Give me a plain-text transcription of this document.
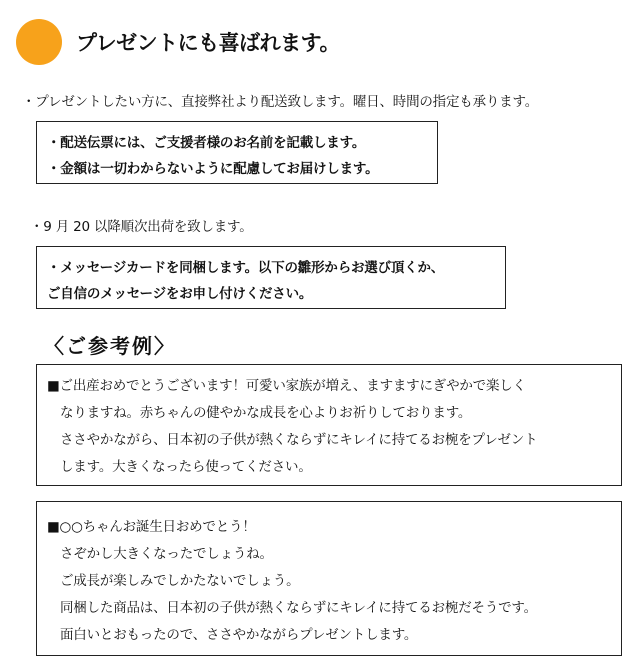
プレゼントにも喜ばれます。
・プレゼントしたい方に、直接弊社より配送致します。曜日、時間の指定も承ります。
・配送伝票には、ご支援者様のお名前を記載します。
・金額は一切わからないように配慮してお届けします。
・9 月 20 以降順次出荷を致します。
・メッセージカードを同梱します。以下の雛形からお選び頂くか、
ご自信のメッセージをお申し付けください。
〈ご参考例〉
■ご出産おめでとうございます！可愛い家族が増え、ますますにぎやかで楽しく
なりますね。赤ちゃんの健やかな成長を心よりお祈りしております。
ささやかながら、日本初の子供が熱くならずにキレイに持てるお椀をプレゼント
します。大きくなったら使ってください。
■○○ちゃんお誕生日おめでとう！
さぞかし大きくなったでしょうね。
ご成長が楽しみでしかたないでしょう。
同梱した商品は、日本初の子供が熱くならずにキレイに持てるお椀だそうです。
面白いとおもったので、ささやかながらプレゼントします。
